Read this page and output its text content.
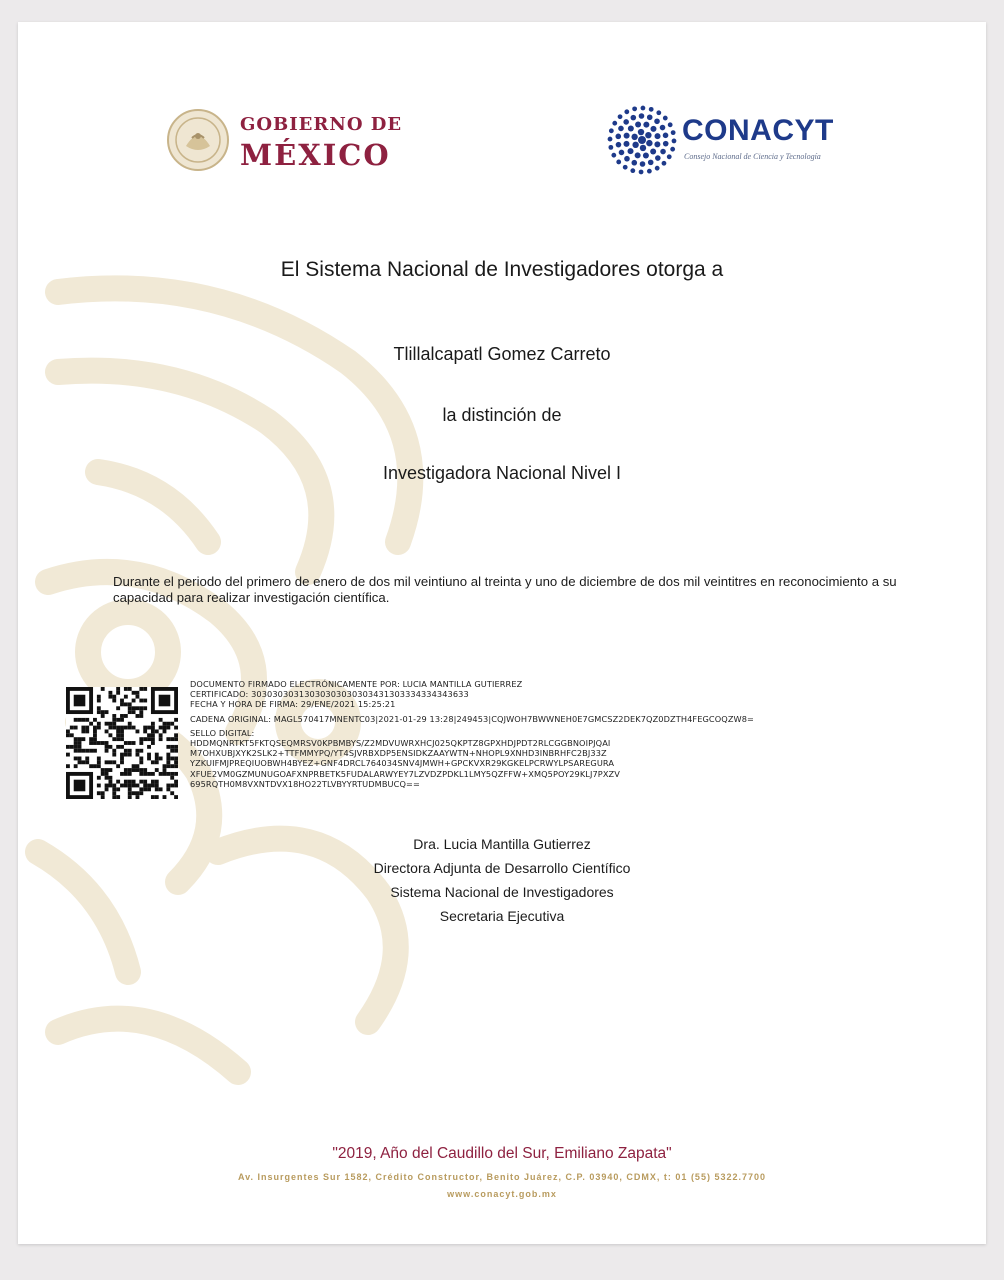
GOBIERNO DE
MÉXICO
CONACYT
Consejo Nacional de Ciencia y Tecnología
El Sistema Nacional de Investigadores otorga a
Tlillalcapatl Gomez Carreto
la distinción de
Investigadora Nacional Nivel I
Durante el periodo del primero de enero de dos mil veintiuno al treinta y uno de diciembre de dos mil veintitres en reconocimiento a su capacidad para realizar investigación científica.
DOCUMENTO FIRMADO ELECTRÓNICAMENTE POR: LUCIA MANTILLA GUTIERREZ
CERTIFICADO: 30303030313030303030303431303334334343633
FECHA Y HORA DE FIRMA: 29/ENE/2021 15:25:21
CADENA ORIGINAL: MAGL570417MNENTC03|2021-01-29 13:28|249453|CQJWOH7BWWNEH0E7GMCSZ2DEK7QZ0DZTH4FEGCOQZW8=
SELLO DIGITAL:
HDDMQNRTKT5FKTQSEQMRSV0KPBMBYS/Z2MDVUWRXHCJ025QKPTZ8GPXHDJPDT2RLCGGBNOIPJQAI
M7OHXUBJXYK2SLK2+TTFMMYPQ/YT4SJVRBXDP5ENSIDKZAAYWTN+NHOPL9XNHD3INBRHFC2BJ33Z
YZKUIFMJPREQIUOBWH4BYEZ+GNF4DRCL764034SNV4JMWH+GPCKVXR29KGKELPCRWYLPSAREGURA
XFUE2VM0GZMUNUGOAFXNPRBETK5FUDALARWYEY7LZVDZPDKL1LMY5QZFFW+XMQ5POY29KLJ7PXZV
695RQTH0M8VXNTDVX18HO22TLVBYYRTUDMBUCQ==
Dra. Lucia Mantilla Gutierrez
Directora Adjunta de Desarrollo Científico
Sistema Nacional de Investigadores
Secretaria Ejecutiva
"2019, Año del Caudillo del Sur, Emiliano Zapata"
Av. Insurgentes Sur 1582, Crédito Constructor, Benito Juárez, C.P. 03940, CDMX, t: 01 (55) 5322.7700
www.conacyt.gob.mx
